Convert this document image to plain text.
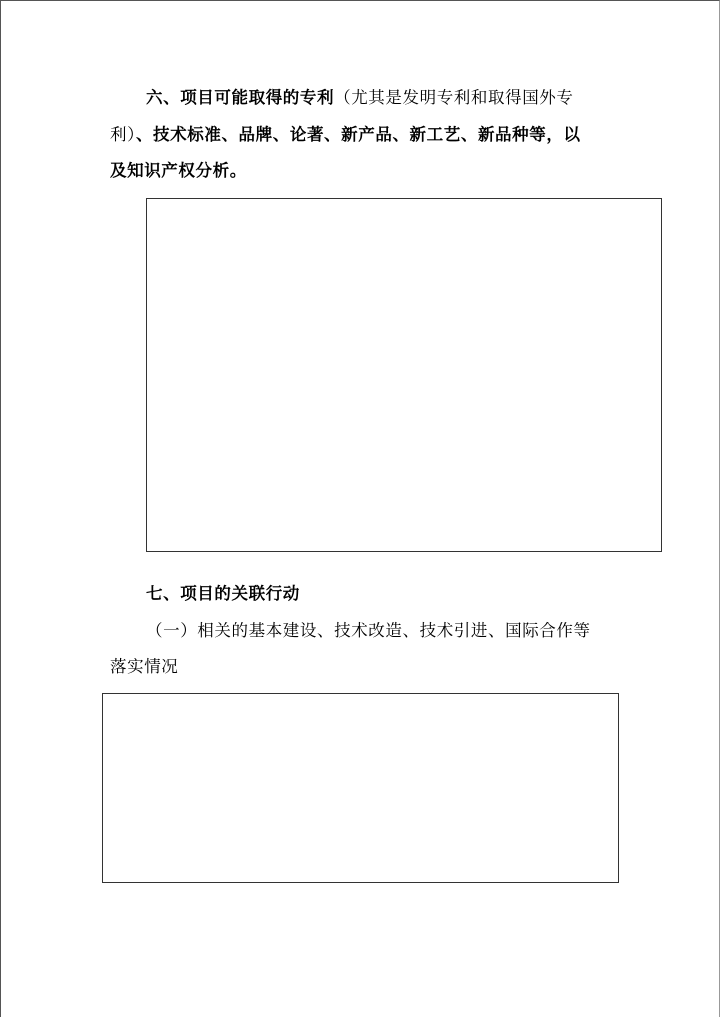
六、项目可能取得的专利（尤其是发明专利和取得国外专
利）、技术标准、品牌、论著、新产品、新工艺、新品种等，以
及知识产权分析。
七、项目的关联行动
（一）相关的基本建设、技术改造、技术引进、国际合作等
落实情况
